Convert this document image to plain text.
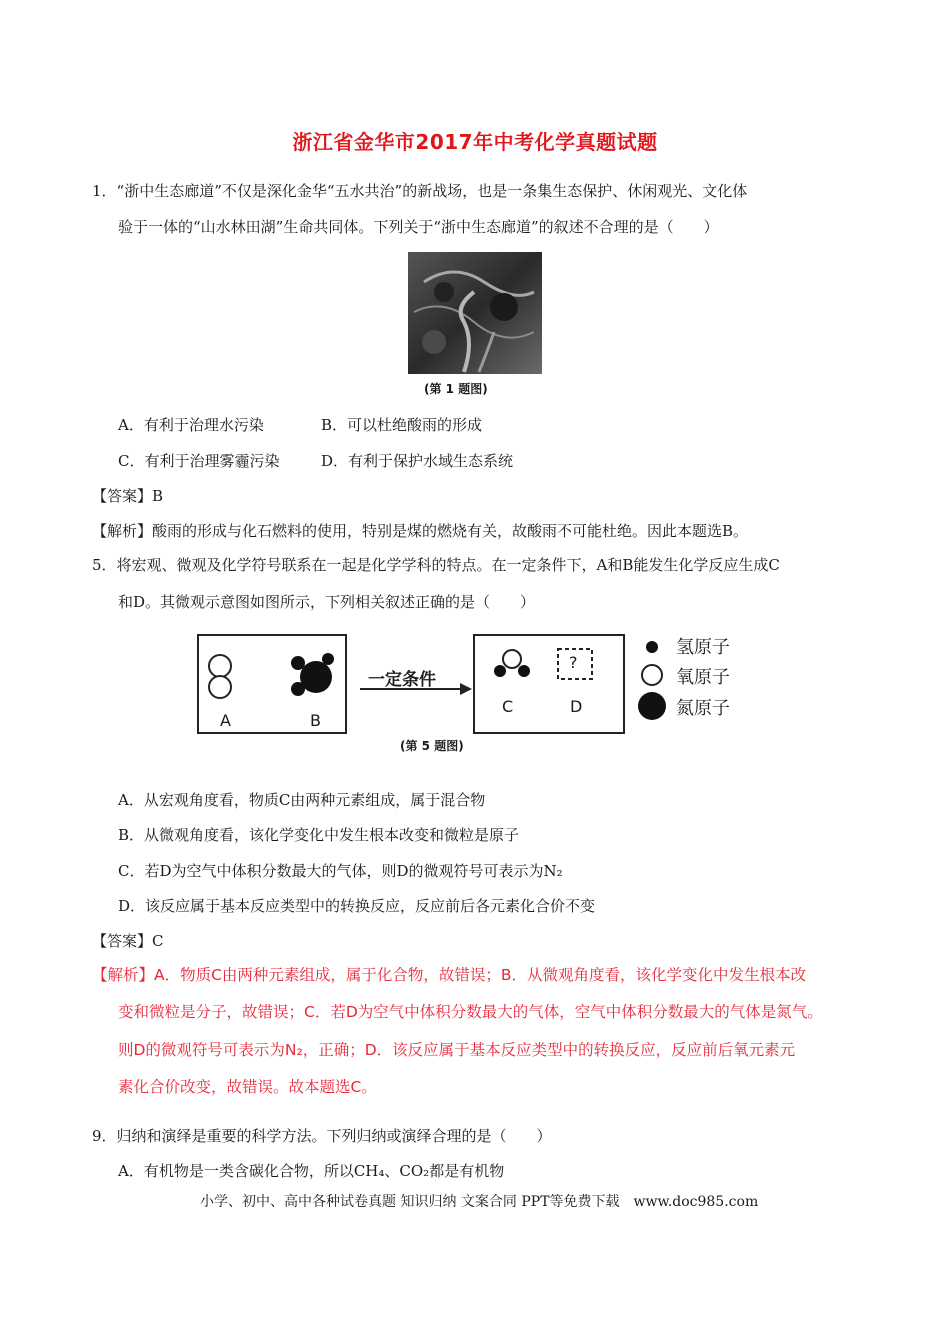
浙江省金华市2017年中考化学真题试题
1．“浙中生态廊道”不仅是深化金华“五水共治”的新战场，也是一条集生态保护、休闲观光、文化体
验于一体的“山水林田湖”生命共同体。下列关于“浙中生态廊道”的叙述不合理的是（　　）
(第 1 题图)
A．有利于治理水污染	B．可以杜绝酸雨的形成
C．有利于治理雾霾污染	D．有利于保护水域生态系统
【答案】B
【解析】酸雨的形成与化石燃料的使用，特别是煤的燃烧有关，故酸雨不可能杜绝。因此本题选B。
5．将宏观、微观及化学符号联系在一起是化学学科的特点。在一定条件下，A和B能发生化学反应生成C
和D。其微观示意图如图所示，下列相关叙述正确的是（　　）
A	B
C	D
?
一定条件
氢原子
氧原子
氮原子
(第 5 题图)
A．从宏观角度看，物质C由两种元素组成，属于混合物
B．从微观角度看，该化学变化中发生根本改变和微粒是原子
C．若D为空气中体积分数最大的气体，则D的微观符号可表示为N₂
D．该反应属于基本反应类型中的转换反应，反应前后各元素化合价不变
【答案】C
【解析】A．物质C由两种元素组成，属于化合物，故错误；B．从微观角度看，该化学变化中发生根本改
变和微粒是分子，故错误；C．若D为空气中体积分数最大的气体，空气中体积分数最大的气体是氮气。
则D的微观符号可表示为N₂，正确；D．该反应属于基本反应类型中的转换反应，反应前后氧元素元
素化合价改变，故错误。故本题选C。
9．归纳和演绎是重要的科学方法。下列归纳或演绎合理的是（　　）
A．有机物是一类含碳化合物，所以CH₄、CO₂都是有机物
小学、初中、高中各种试卷真题 知识归纳 文案合同 PPT等免费下载　www.doc985.com
